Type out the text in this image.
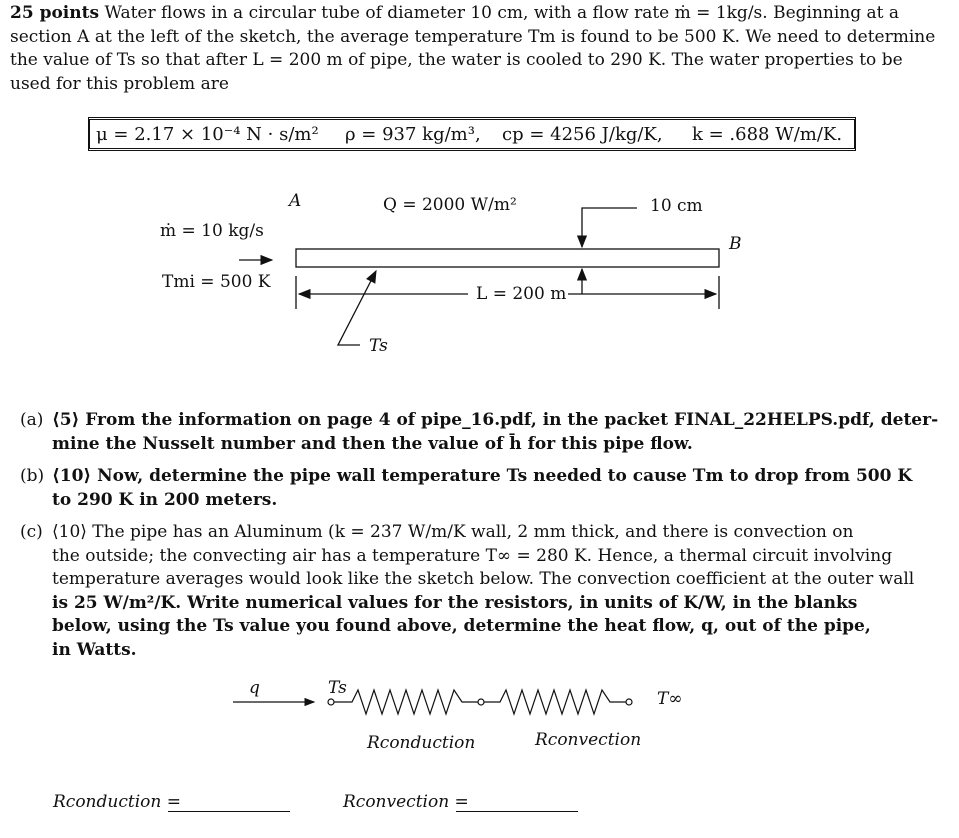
25 points Water flows in a circular tube of diameter 10 cm, with a flow rate ṁ = 1kg/s. Beginning at a
section A at the left of the sketch, the average temperature Tm is found to be 500 K. We need to determine
the value of Ts so that after L = 200 m of pipe, the water is cooled to 290 K. The water properties to be
used for this problem are
μ = 2.17 × 10⁻⁴ N · s/m² ρ = 937 kg/m³, cp = 4256 J/kg/K, k = .688 W/m/K.
A
B
Q = 2000 W/m²	10 cm
ṁ = 10 kg/s
Tmi = 500 K
L = 200 m
Ts
(a) ⟨5⟩ From the information on page 4 of pipe_16.pdf, in the packet FINAL_22HELPS.pdf, deter-
mine the Nusselt number and then the value of h̄ for this pipe flow.
(b) ⟨10⟩ Now, determine the pipe wall temperature Ts needed to cause Tm to drop from 500 K
to 290 K in 200 meters.
(c) ⟨10⟩ The pipe has an Aluminum (k = 237 W/m/K wall, 2 mm thick, and there is convection on
the outside; the convecting air has a temperature T∞ = 280 K. Hence, a thermal circuit involving
temperature averages would look like the sketch below. The convection coefficient at the outer wall
is 25 W/m²/K. Write numerical values for the resistors, in units of K/W, in the blanks
below, using the Ts value you found above, determine the heat flow, q, out of the pipe,
in Watts.
q	Ts
T∞
Rconduction	Rconvection
Rconduction =	Rconvection =
